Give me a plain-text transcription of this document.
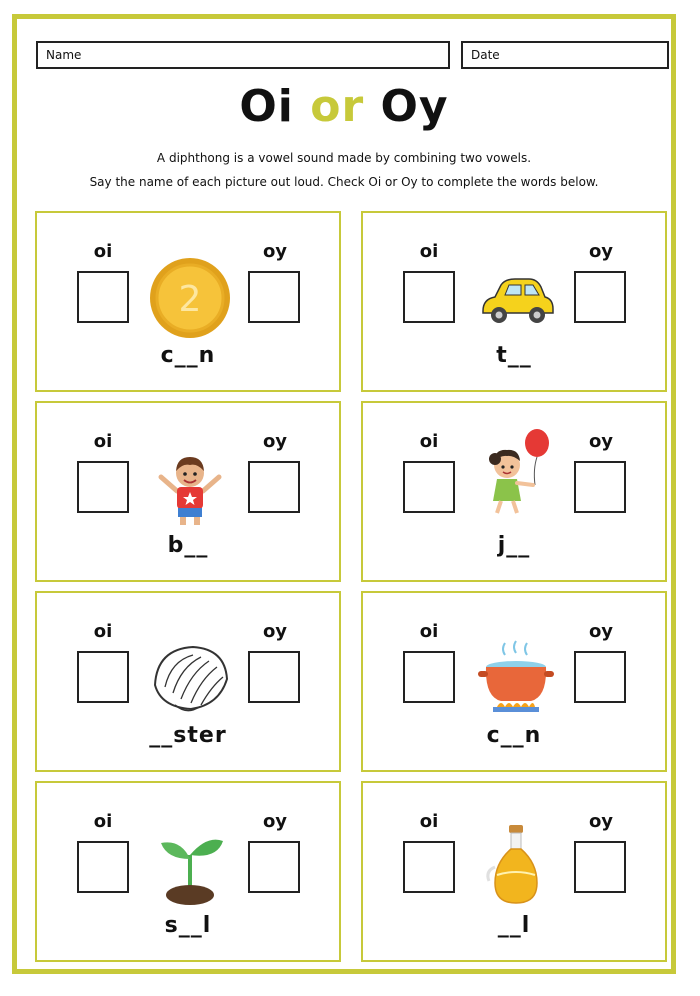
Name	Date
Oi or Oy
A diphthong is a vowel sound made by combining two vowels.
Say the name of each picture out loud. Check Oi or Oy to complete the words below.
oi	oy
2
c__n
oi	oy
t__
oi	oy
b__
oi	oy
j__
oi	oy
__ster
oi	oy
c__n
oi	oy
s__l
oi	oy
__l
